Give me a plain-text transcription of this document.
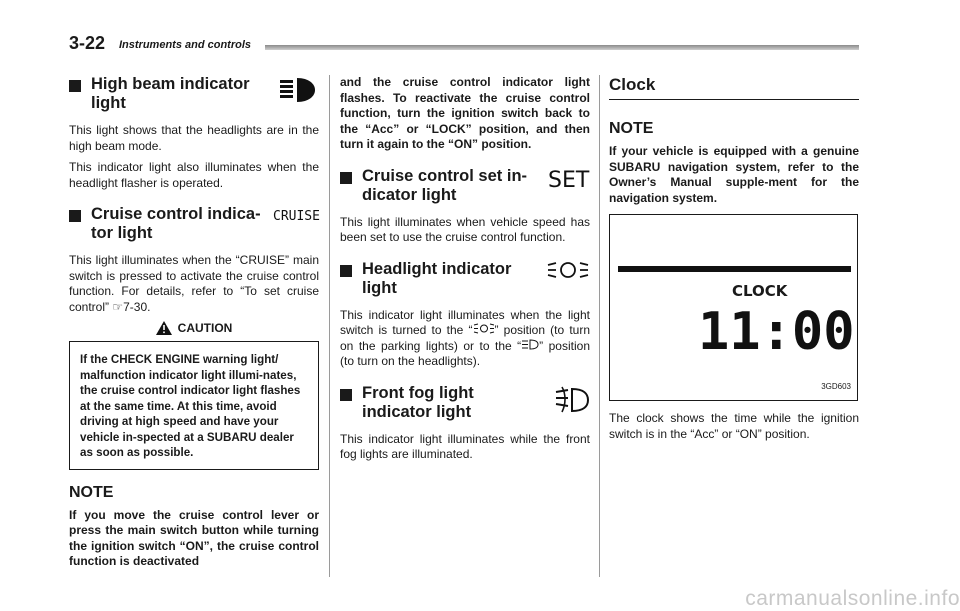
3-22 Instruments and controls
High beam indicator light

This light shows that the headlights are in the high beam mode.

This indicator light also illuminates when the headlight flasher is operated.

Cruise control indica-tor light
CRUISE

This light illuminates when the “CRUISE” main switch is pressed to activate the cruise control function. For details, refer to “To set cruise control” ☞7-30.

CAUTION

If the CHECK ENGINE warning light/ malfunction indicator light illumi-nates, the cruise control indicator light flashes at the same time. At this time, avoid driving at high speed and have your vehicle in-spected at a SUBARU dealer as soon as possible.

NOTE

If you move the cruise control lever or press the main switch button while turning the ignition switch “ON”, the cruise control function is deactivated

and the cruise control indicator light flashes. To reactivate the cruise control function, turn the ignition switch back to the “Acc” or “LOCK” position, and then turn it again to the “ON” position.

Cruise control set in-dicator light
SET

This light illuminates when vehicle speed has been set to use the cruise control function.

Headlight indicator light

This indicator light illuminates when the light switch is turned to the “ ” position (to turn on the parking lights) or to the “ ” position (to turn on the headlights).

Front fog light indicator light

This indicator light illuminates while the front fog lights are illuminated.

Clock
NOTE

If your vehicle is equipped with a genuine SUBARU navigation system, refer to the Owner’s Manual supple-ment for the navigation system.

CLOCK
11:00
3GD603

The clock shows the time while the ignition switch is in the “Acc” or “ON” position.

carmanualsonline.info
